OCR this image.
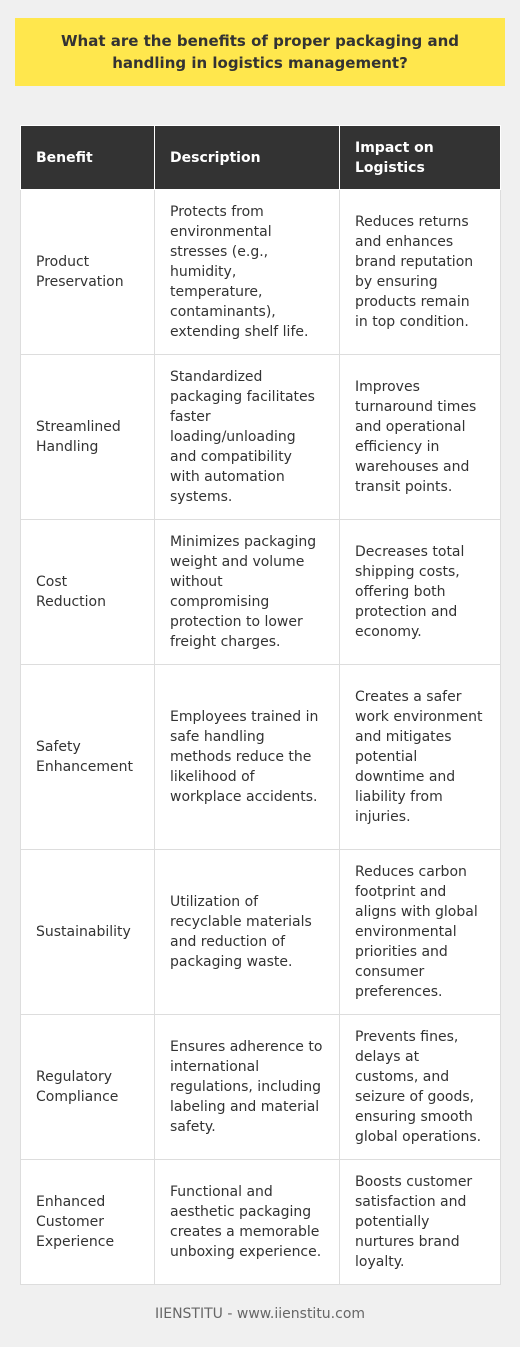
What are the benefits of proper packaging and handling in logistics management?
Benefit	Description	Impact on Logistics
Product Preservation	Protects from environmental stresses (e.g., humidity, temperature, contaminants), extending shelf life.	Reduces returns and enhances brand reputation by ensuring products remain in top condition.
Streamlined Handling	Standardized packaging facilitates faster loading/unloading and compatibility with automation systems.	Improves turnaround times and operational efficiency in warehouses and transit points.
Cost Reduction	Minimizes packaging weight and volume without compromising protection to lower freight charges.	Decreases total shipping costs, offering both protection and economy.
Safety Enhancement	Employees trained in safe handling methods reduce the likelihood of workplace accidents.	Creates a safer work environment and mitigates potential downtime and liability from injuries.
Sustainability	Utilization of recyclable materials and reduction of packaging waste.	Reduces carbon footprint and aligns with global environmental priorities and consumer preferences.
Regulatory Compliance	Ensures adherence to international regulations, including labeling and material safety.	Prevents fines, delays at customs, and seizure of goods, ensuring smooth global operations.
Enhanced Customer Experience	Functional and aesthetic packaging creates a memorable unboxing experience.	Boosts customer satisfaction and potentially nurtures brand loyalty.
IIENSTITU - www.iienstitu.com
